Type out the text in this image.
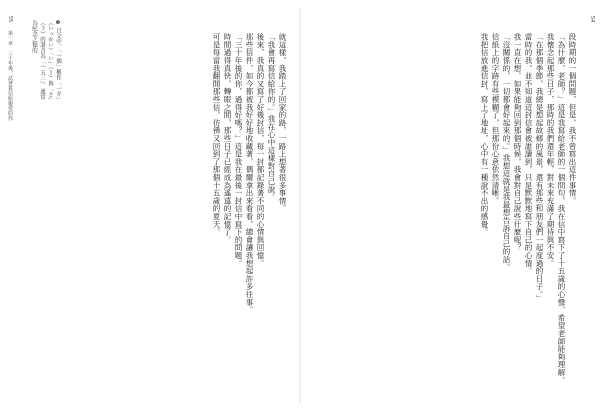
55 　 第一章　三十年後，試著寫信給親愛的你
❸ 日文中，「一個」稱作「一介」（いっかい）「い」（１）與「さ」（３）的諧音為「一五三」，通常為紀念之類的	就這樣，我踏上了回家的路，一路上想著很多事情。

「我會再寫信給你的。」我在心中這樣對自己說。

後來，我真的又寫了好幾封信，每一封都記錄著不同的心情與回憶。

那些信件，如今都被我好好地收藏著，偶爾拿出來看看，總會讓我想起許多往事。

「三十年後的你，過得好嗎？」這是我在最後一封信中寫下的問題。

時間過得真快，轉眼之間，那些日子已經成為遙遠的記憶了。

可是每當我翻開那些信，彷彿又回到了那個十五歲的夏天。

54

段時期的一個問題，但是，我不曾寫出這件事情。

「為什麼，老師？」這是我寫給老師的一個問句，我在信中寫下了十五歲的心聲，希望老師能夠理解。

我懷念起那些日子，那時的我們還年輕，對未來充滿了期待與不安。

「在那個季節，我總是想起故鄉的風景，還有那些和朋友們一起度過的日子。」

當時的我，並不知道這封信會被誰讀到，只是默默地寫下自己的心情。

我一直在想，如果能夠回到那個時候，我會對自己說些什麼呢？

「沒關係的，一切都會好起來的。」我想這就是我最想告訴自己的話。

信紙上的字跡有些模糊了，但那份心意依然清晰。

我把信放進信封，寫上了地址，心中有一種說不出的感覺。
